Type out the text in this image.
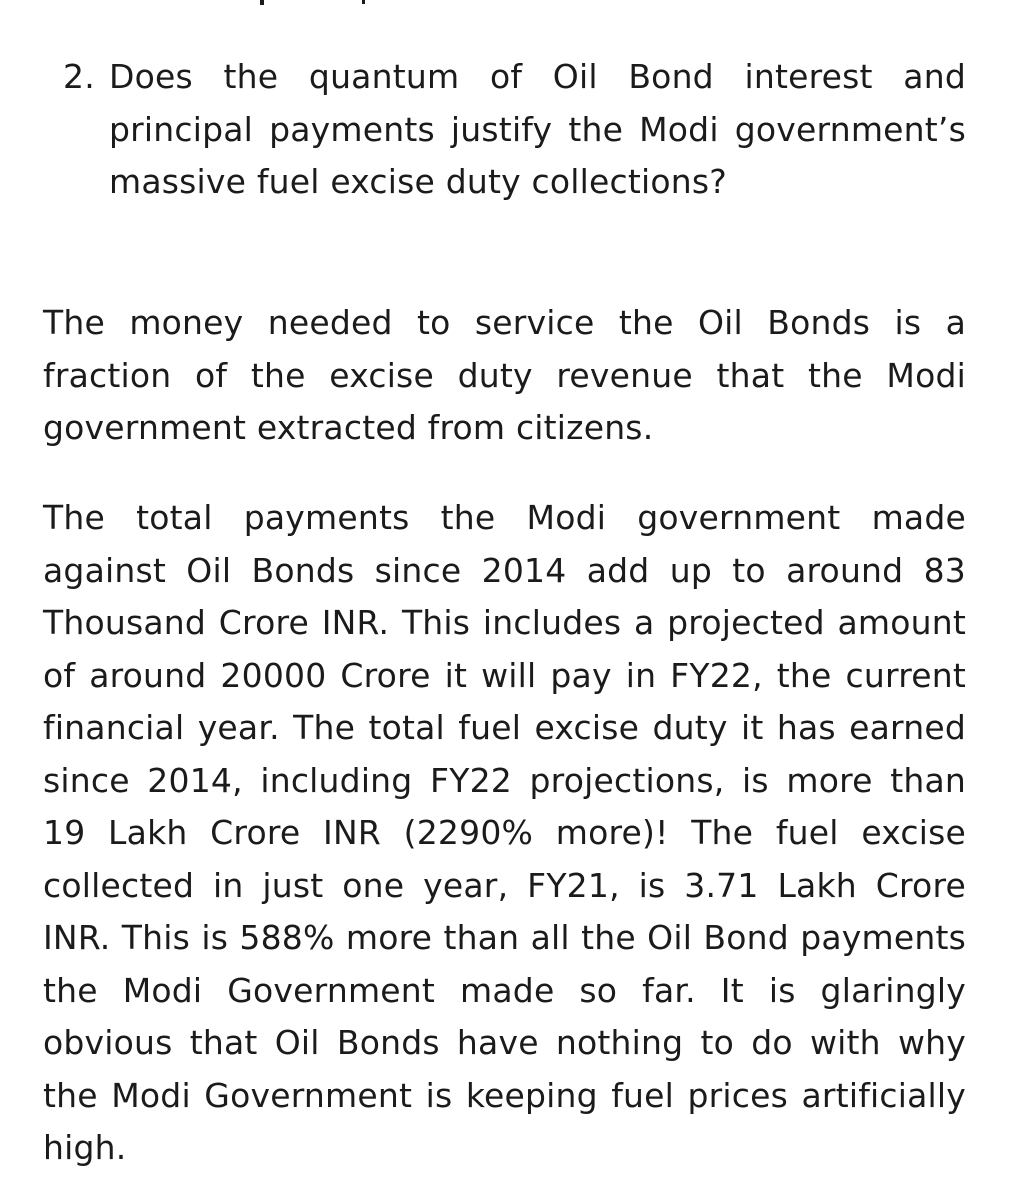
2. Does the quantum of Oil Bond interest and principal payments justify the Modi government’s massive fuel excise duty collections?

The money needed to service the Oil Bonds is a fraction of the excise duty revenue that the Modi government extracted from citizens.

The total payments the Modi government made against Oil Bonds since 2014 add up to around 83 Thousand Crore INR. This includes a projected amount of around 20000 Crore it will pay in FY22, the current financial year. The total fuel excise duty it has earned since 2014, including FY22 projections, is more than 19 Lakh Crore INR (2290% more)! The fuel excise collected in just one year, FY21, is 3.71 Lakh Crore INR. This is 588% more than all the Oil Bond payments the Modi Government made so far. It is glaringly obvious that Oil Bonds have nothing to do with why the Modi Government is keeping fuel prices artificially high.
